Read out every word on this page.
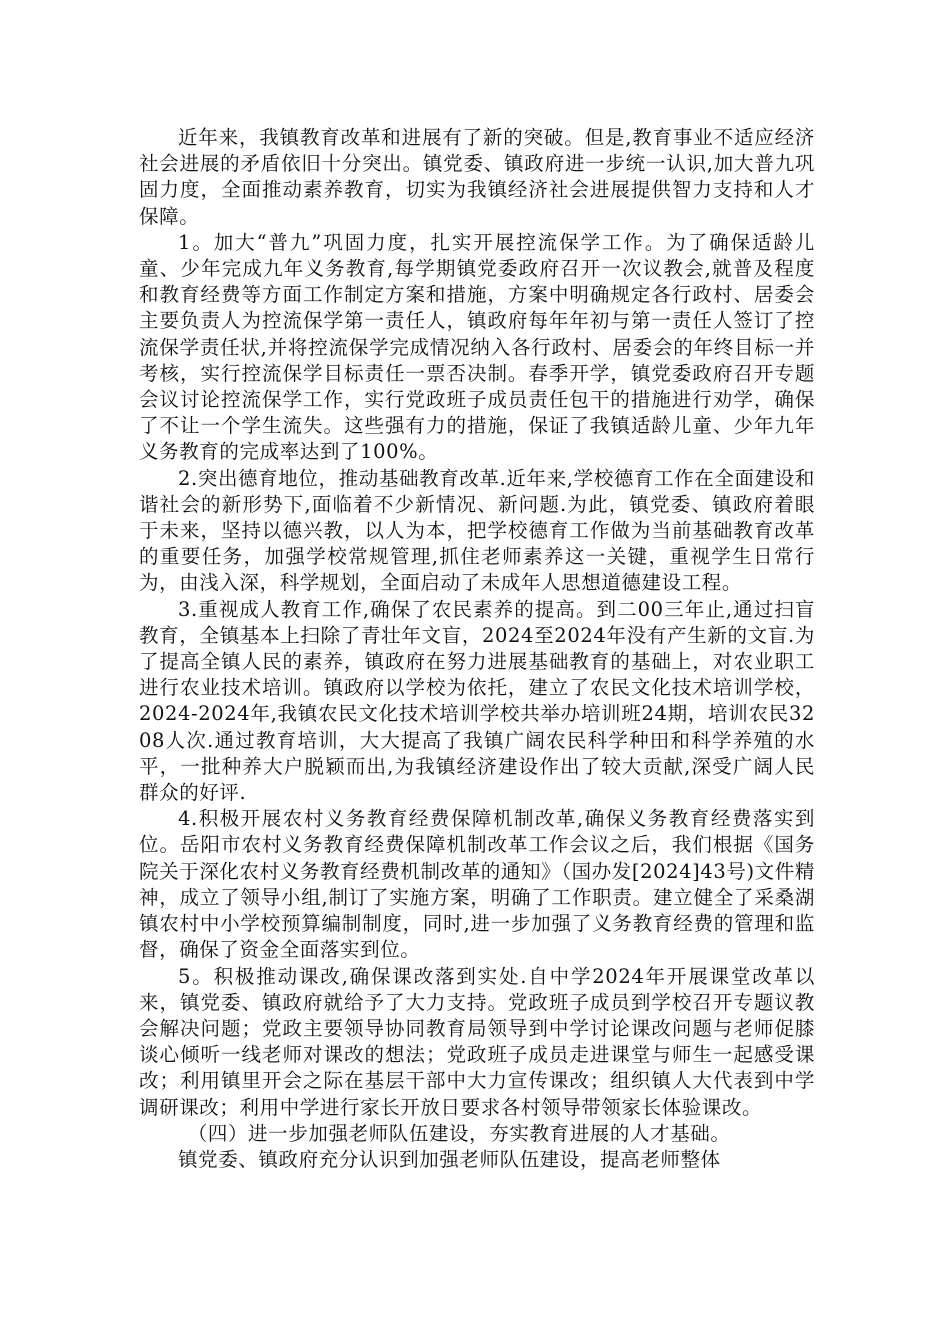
近年来，我镇教育改革和进展有了新的突破。但是,教育事业不适应经济社会进展的矛盾依旧十分突出。镇党委、镇政府进一步统一认识,加大普九巩固力度，全面推动素养教育，切实为我镇经济社会进展提供智力支持和人才保障。

1。加大“普九”巩固力度，扎实开展控流保学工作。为了确保适龄儿童、少年完成九年义务教育,每学期镇党委政府召开一次议教会,就普及程度和教育经费等方面工作制定方案和措施，方案中明确规定各行政村、居委会主要负责人为控流保学第一责任人，镇政府每年年初与第一责任人签订了控流保学责任状,并将控流保学完成情况纳入各行政村、居委会的年终目标一并考核，实行控流保学目标责任一票否决制。春季开学，镇党委政府召开专题会议讨论控流保学工作，实行党政班子成员责任包干的措施进行劝学，确保了不让一个学生流失。这些强有力的措施，保证了我镇适龄儿童、少年九年义务教育的完成率达到了100%。

2.突出德育地位，推动基础教育改革.近年来,学校德育工作在全面建设和谐社会的新形势下,面临着不少新情况、新问题.为此，镇党委、镇政府着眼于未来，坚持以德兴教，以人为本，把学校德育工作做为当前基础教育改革的重要任务，加强学校常规管理,抓住老师素养这一关键，重视学生日常行为，由浅入深，科学规划，全面启动了未成年人思想道德建设工程。

3.重视成人教育工作,确保了农民素养的提高。到二00三年止,通过扫盲教育，全镇基本上扫除了青壮年文盲，2024至2024年没有产生新的文盲.为了提高全镇人民的素养，镇政府在努力进展基础教育的基础上，对农业职工进行农业技术培训。镇政府以学校为依托，建立了农民文化技术培训学校，2024-2024年,我镇农民文化技术培训学校共举办培训班24期，培训农民3208人次.通过教育培训，大大提高了我镇广阔农民科学种田和科学养殖的水平，一批种养大户脱颖而出,为我镇经济建设作出了较大贡献,深受广阔人民群众的好评.

4.积极开展农村义务教育经费保障机制改革,确保义务教育经费落实到位。岳阳市农村义务教育经费保障机制改革工作会议之后，我们根据《国务院关于深化农村义务教育经费机制改革的通知》（国办发[2024]43号)文件精神，成立了领导小组,制订了实施方案，明确了工作职责。建立健全了采桑湖镇农村中小学校预算编制制度，同时,进一步加强了义务教育经费的管理和监督，确保了资金全面落实到位。

5。积极推动课改,确保课改落到实处.自中学2024年开展课堂改革以来，镇党委、镇政府就给予了大力支持。党政班子成员到学校召开专题议教会解决问题；党政主要领导协同教育局领导到中学讨论课改问题与老师促膝谈心倾听一线老师对课改的想法；党政班子成员走进课堂与师生一起感受课改；利用镇里开会之际在基层干部中大力宣传课改；组织镇人大代表到中学调研课改；利用中学进行家长开放日要求各村领导带领家长体验课改。

（四）进一步加强老师队伍建设，夯实教育进展的人才基础。

镇党委、镇政府充分认识到加强老师队伍建设，提高老师整体
